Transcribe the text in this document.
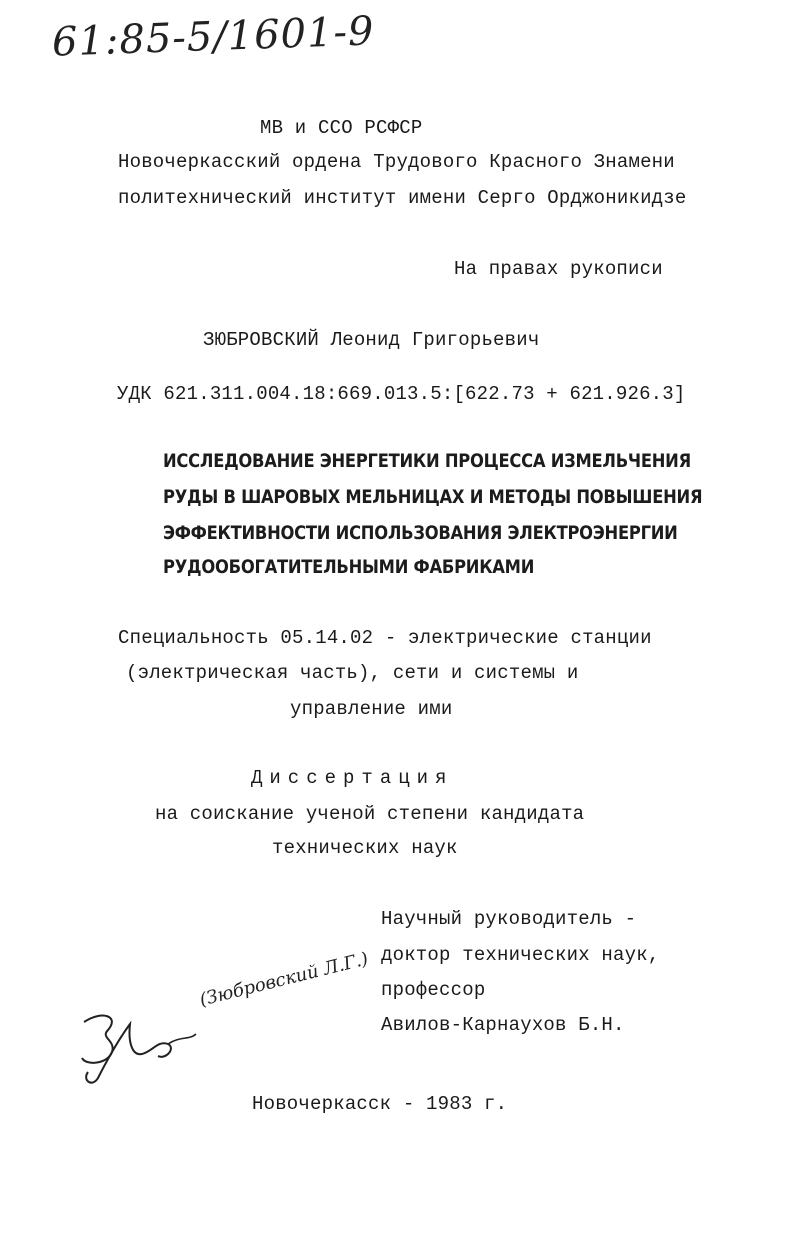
61:85-5/1601-9
МВ и ССО РСФСР
Новочеркасский ордена Трудового Красного Знамени
политехнический институт имени Серго Орджоникидзе
На правах рукописи
ЗЮБРОВСКИЙ Леонид Григорьевич
УДК 621.311.004.18:669.013.5:[622.73 + 621.926.3]
ИССЛЕДОВАНИЕ ЭНЕРГЕТИКИ ПРОЦЕССА ИЗМЕЛЬЧЕНИЯ
РУДЫ В ШАРОВЫХ МЕЛЬНИЦАХ И МЕТОДЫ ПОВЫШЕНИЯ
ЭФФЕКТИВНОСТИ ИСПОЛЬЗОВАНИЯ ЭЛЕКТРОЭНЕРГИИ
РУДООБОГАТИТЕЛЬНЫМИ ФАБРИКАМИ
Специальность 05.14.02 - электрические станции
(электрическая часть), сети и системы и
управление ими
Диссертация
на соискание ученой степени кандидата
технических наук
Научный руководитель -
доктор технических наук,
профессор
Авилов-Карнаухов Б.Н.
(Зюбровский Л.Г.)
Новочеркасск - 1983 г.
